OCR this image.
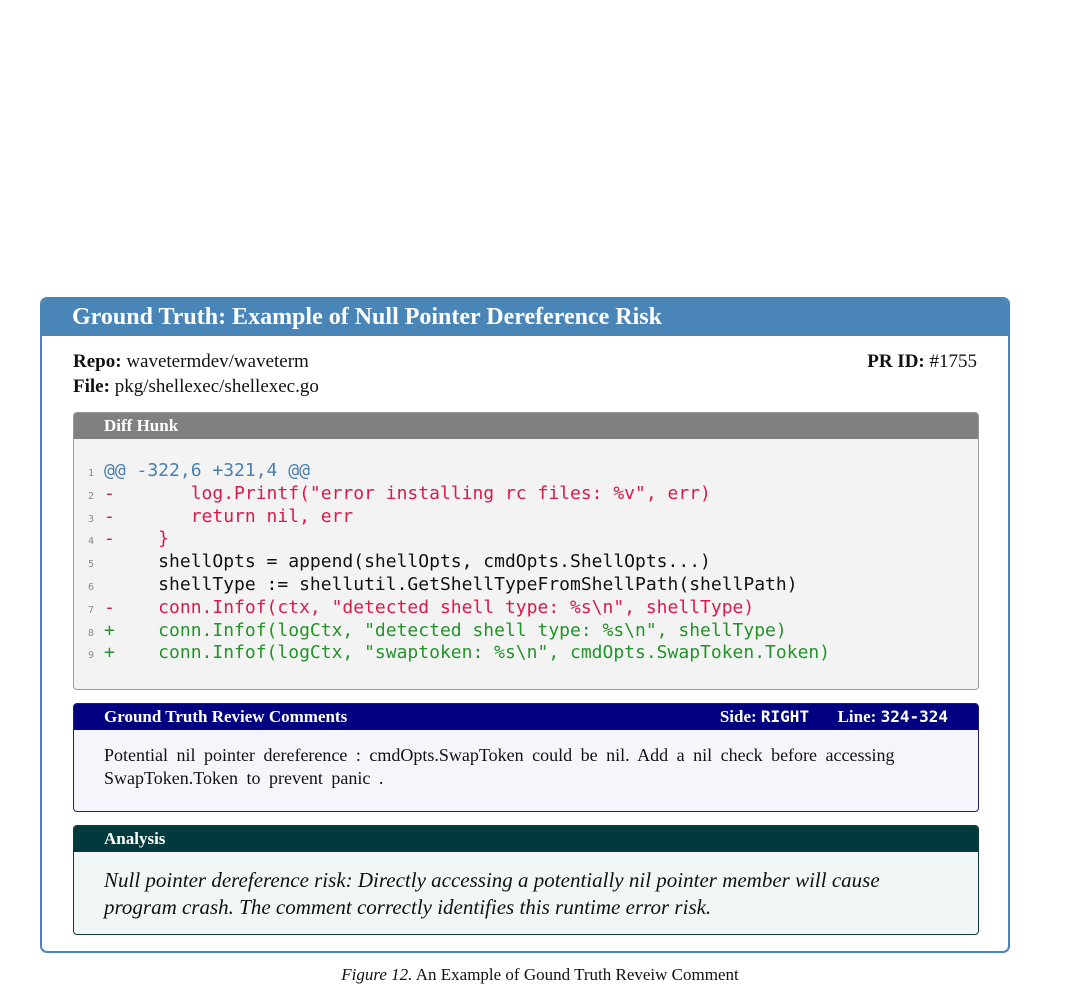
Ground Truth: Example of Null Pointer Dereference Risk
Repo: wavetermdev/waveterm
File: pkg/shellexec/shellexec.go
PR ID: #1755
Diff Hunk
1 @@ -322,6 +321,4 @@
2 -       log.Printf("error installing rc files: %v", err)
3 -       return nil, err
4 -    }
5     shellOpts = append(shellOpts, cmdOpts.ShellOpts...)
6     shellType := shellutil.GetShellTypeFromShellPath(shellPath)
7 -    conn.Infof(ctx, "detected shell type: %s\n", shellType)
8 +    conn.Infof(logCtx, "detected shell type: %s\n", shellType)
9 +    conn.Infof(logCtx, "swaptoken: %s\n", cmdOpts.SwapToken.Token)
Ground Truth Review Comments	Side: RIGHT Line: 324-324
Potential nil pointer dereference : cmdOpts.SwapToken could be nil. Add a nil check before accessing SwapToken.Token to prevent panic .
Analysis
Null pointer dereference risk: Directly accessing a potentially nil pointer member will cause program crash. The comment correctly identifies this runtime error risk.
Figure 12. An Example of Gound Truth Reveiw Comment
